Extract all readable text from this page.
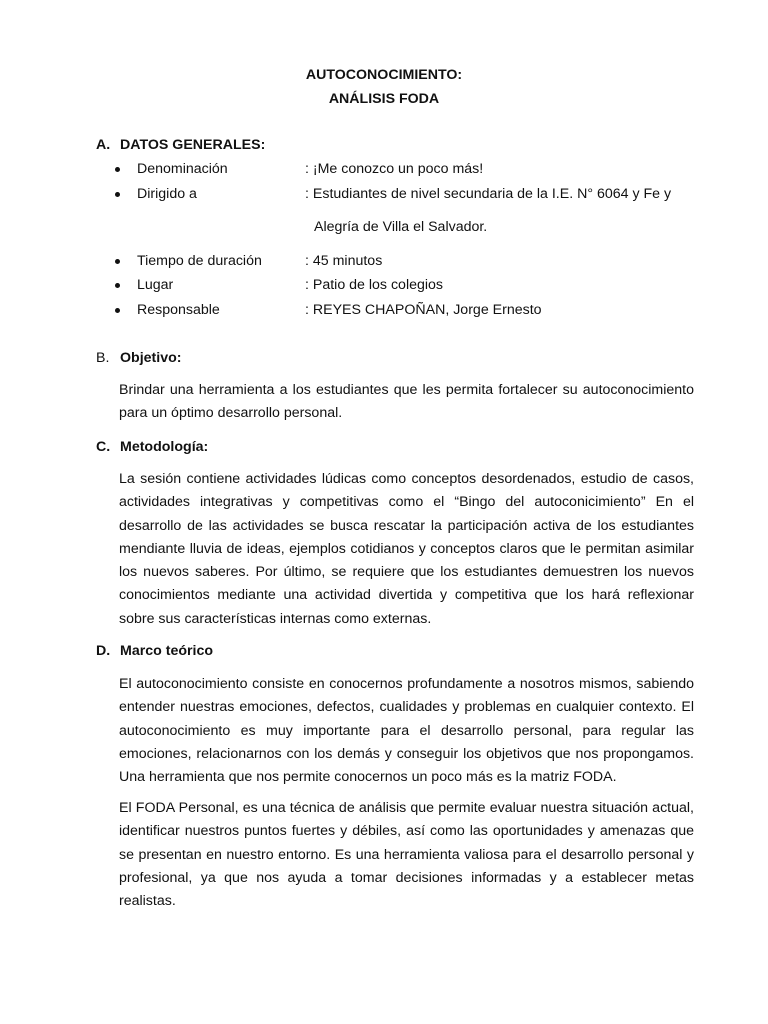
AUTOCONOCIMIENTO:
ANÁLISIS FODA
A. DATOS GENERALES:
Denominación	: ¡Me conozco un poco más!
Dirigido a	: Estudiantes de nivel secundaria de la I.E. N° 6064 y Fe y
Alegría de Villa el Salvador.
Tiempo de duración	: 45 minutos
Lugar	: Patio de los colegios
Responsable	: REYES CHAPOÑAN, Jorge Ernesto
B. Objetivo:
Brindar una herramienta a los estudiantes que les permita fortalecer su autoconocimiento para un óptimo desarrollo personal.
C. Metodología:
La sesión contiene actividades lúdicas como conceptos desordenados, estudio de casos, actividades integrativas y competitivas como el “Bingo del autoconicimiento” En el desarrollo de las actividades se busca rescatar la participación activa de los estudiantes mendiante lluvia de ideas, ejemplos cotidianos y conceptos claros que le permitan asimilar los nuevos saberes. Por último, se requiere que los estudiantes demuestren los nuevos conocimientos mediante una actividad divertida y competitiva que los hará reflexionar sobre sus características internas como externas.
D. Marco teórico
El autoconocimiento consiste en conocernos profundamente a nosotros mismos, sabiendo entender nuestras emociones, defectos, cualidades y problemas en cualquier contexto. El autoconocimiento es muy importante para el desarrollo personal, para regular las emociones, relacionarnos con los demás y conseguir los objetivos que nos propongamos. Una herramienta que nos permite conocernos un poco más es la matriz FODA.
El FODA Personal, es una técnica de análisis que permite evaluar nuestra situación actual, identificar nuestros puntos fuertes y débiles, así como las oportunidades y amenazas que se presentan en nuestro entorno. Es una herramienta valiosa para el desarrollo personal y profesional, ya que nos ayuda a tomar decisiones informadas y a establecer metas realistas.
